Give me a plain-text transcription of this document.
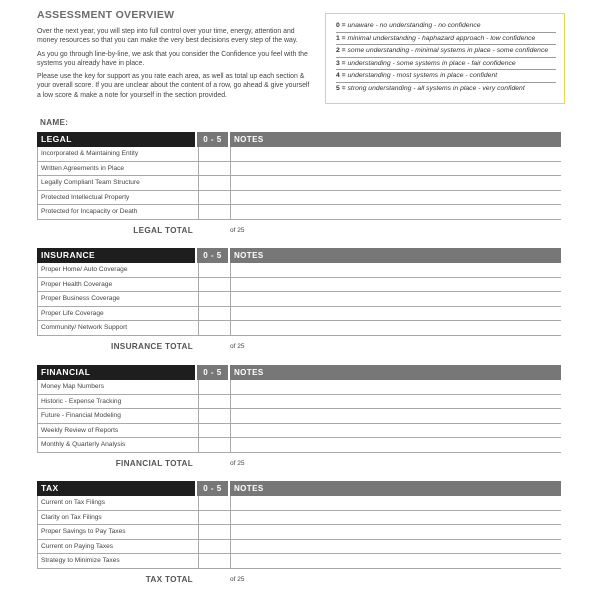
ASSESSMENT OVERVIEW

Over the next year, you will step into full control over your time, energy, attention and money resources so that you can make the very best decisions every step of the way.

As you go through line-by-line, we ask that you consider the Confidence you feel with the systems you already have in place.

Please use the key for support as you rate each area, as well as total up each section & your overall score. If you are unclear about the content of a row, go ahead & give yourself a low score & make a note for yourself in the section provided.

0 = unaware - no understanding - no confidence
1 = minimal understanding - haphazard approach - low confidence
2 = some understanding - minimal systems in place - some confidence
3 = understanding - some systems in place - fair confidence
4 = understanding - most systems in place - confident
5 = strong understanding - all systems in place - very confident
NAME:
LEGAL	0 - 5	NOTES
Incorporated & Maintaining Entity
Written Agreements in Place
Legally Compliant Team Structure
Protected Intellectual Property
Protected for Incapacity or Death
LEGAL TOTAL	of 25
INSURANCE	0 - 5	NOTES
Proper Home/ Auto Coverage
Proper Health Coverage
Proper Business Coverage
Proper Life Coverage
Community/ Network Support
INSURANCE TOTAL	of 25
FINANCIAL	0 - 5	NOTES
Money Map Numbers
Historic - Expense Tracking
Future - Financial Modeling
Weekly Review of Reports
Monthly & Quarterly Analysis
FINANCIAL TOTAL	of 25
TAX	0 - 5	NOTES
Current on Tax Filings
Clarity on Tax Filings
Proper Savings to Pay Taxes
Current on Paying Taxes
Strategy to Minimize Taxes
TAX TOTAL	of 25
